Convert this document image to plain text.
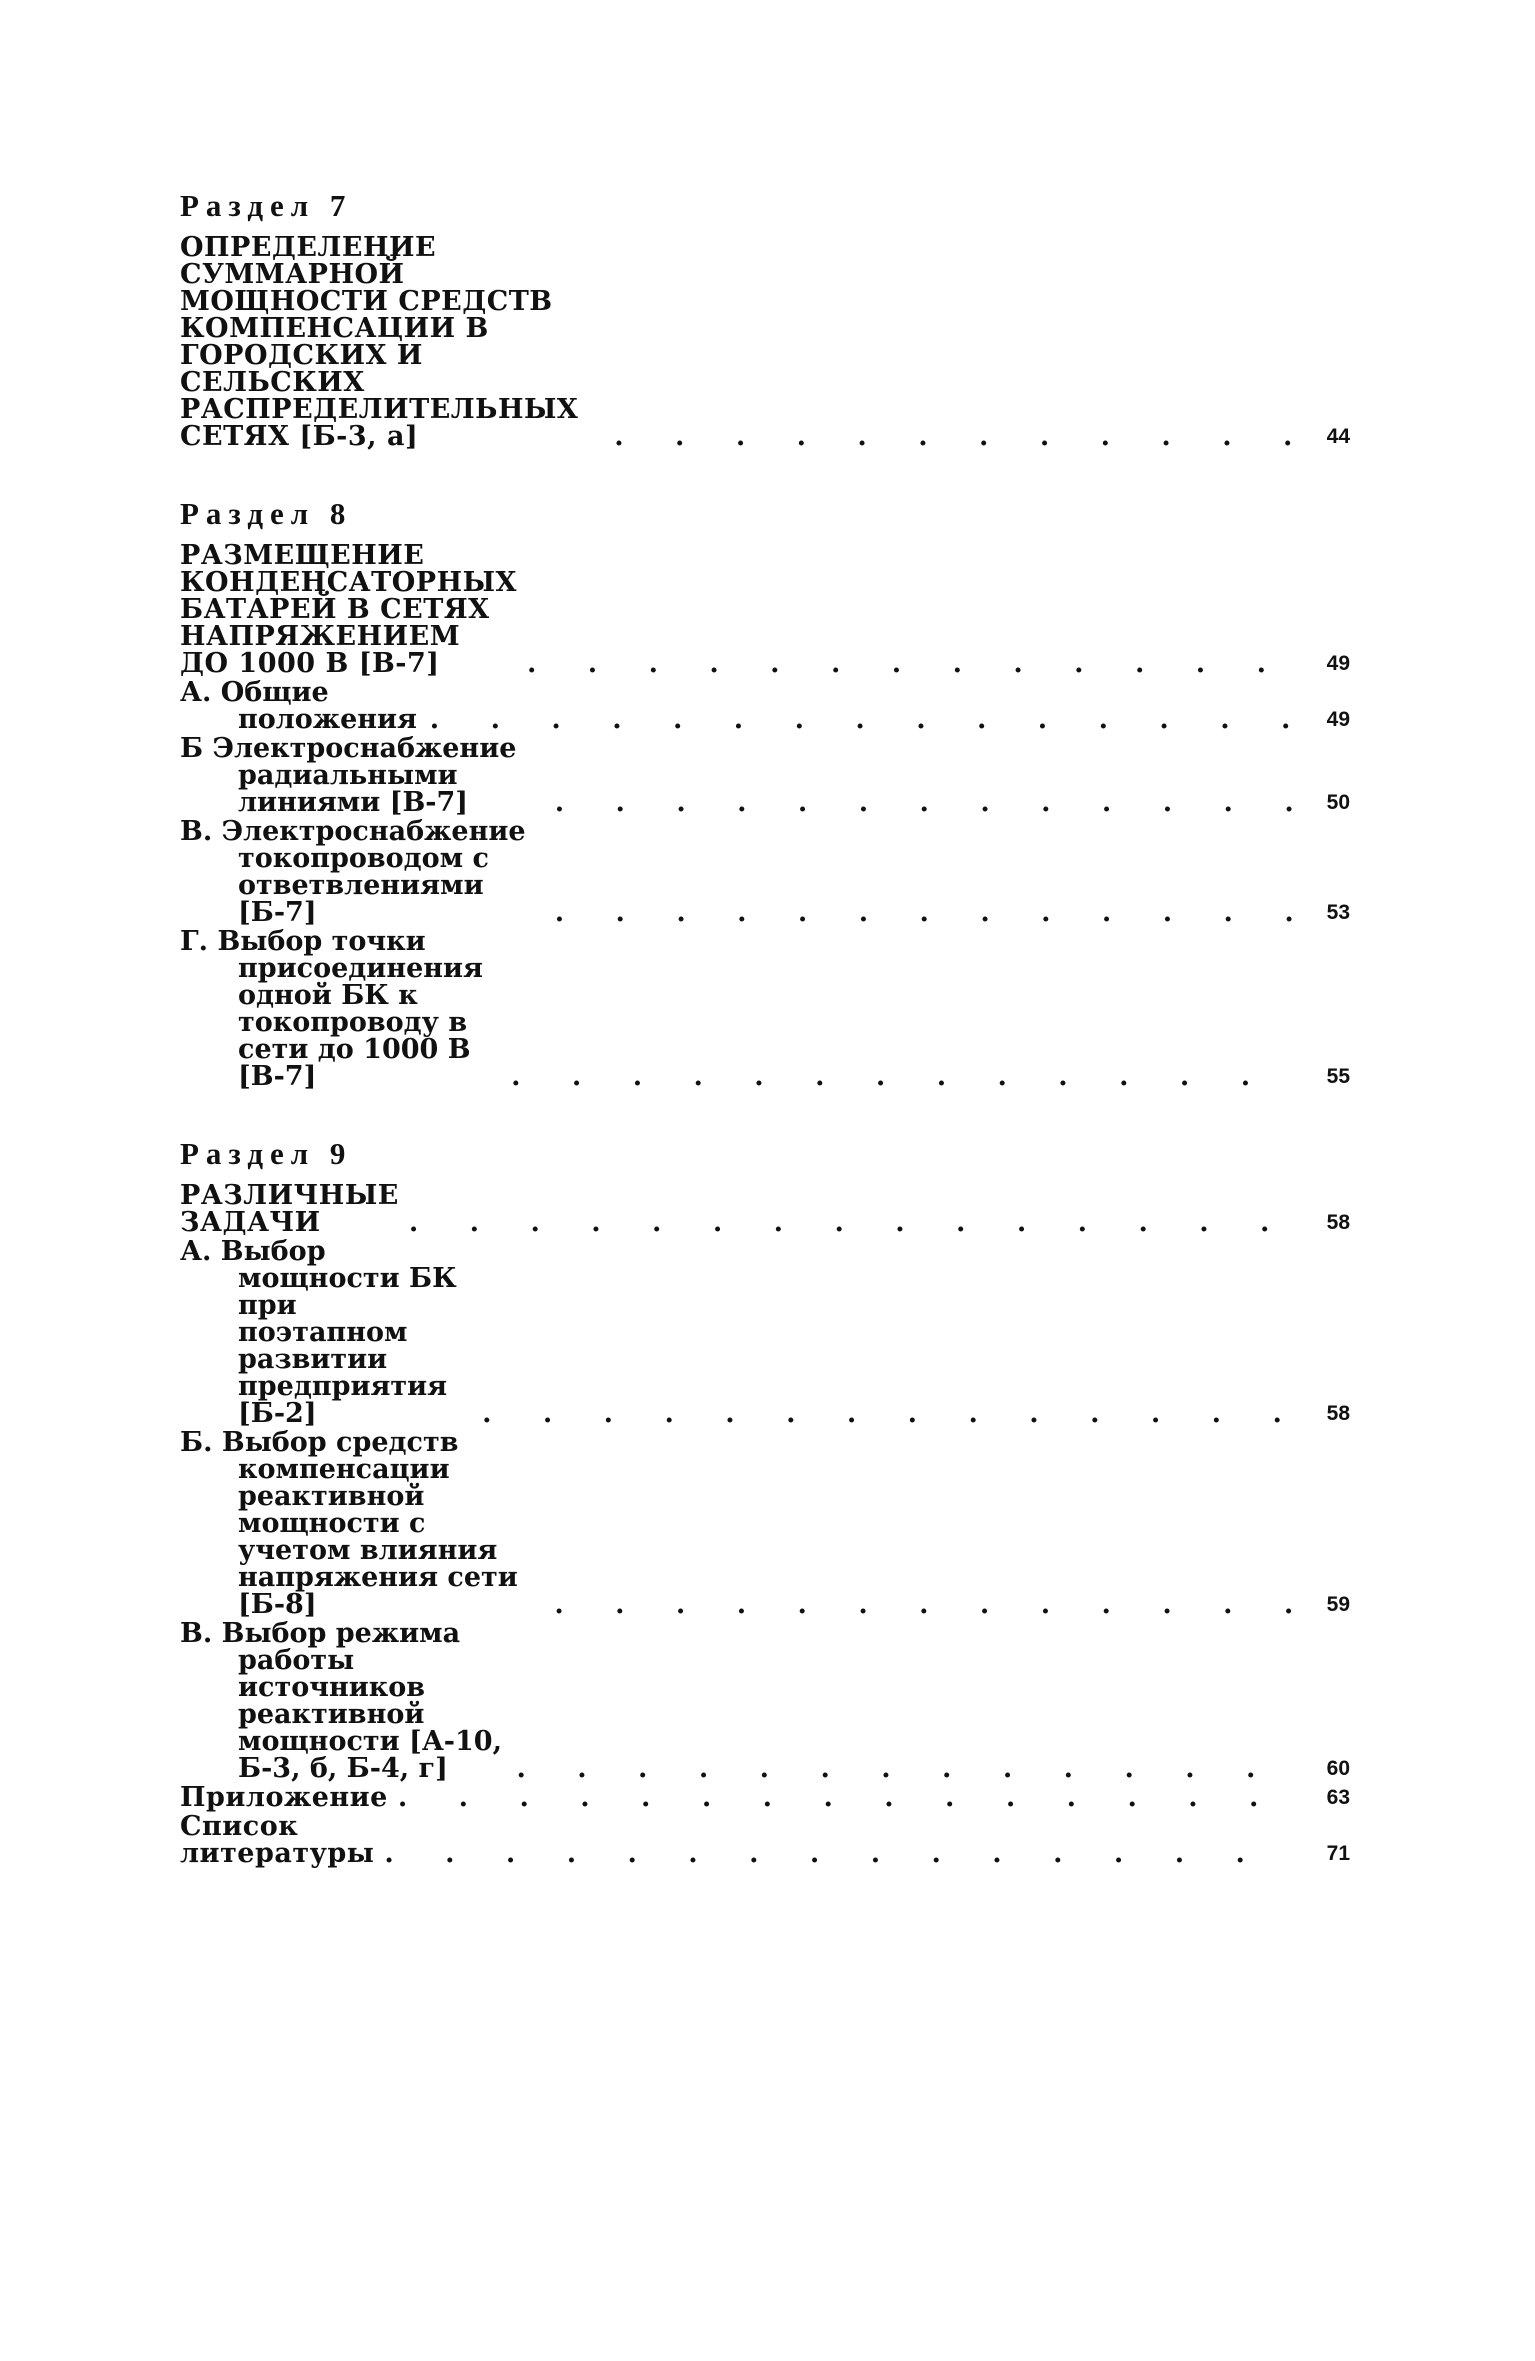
Раздел 7
ОПРЕДЕЛЕНИЕ СУММАРНОЙ МОЩНОСТИ СРЕДСТВ КОМПЕНСАЦИИ В ГОРОДСКИХ И СЕЛЬСКИХ РАСПРЕДЕЛИТЕЛЬНЫХ СЕТЯХ [Б-3, а] . . .	44
Раздел 8
РАЗМЕЩЕНИЕ КОНДЕНСАТОРНЫХ БАТАРЕЙ В СЕТЯХ НАПРЯЖЕНИЕМ ДО 1000 В [В-7] . . .	49
А. Общие положения . . .	49
Б Электроснабжение радиальными линиями [В-7] . . .	50
В. Электроснабжение токопроводом с ответвлениями [Б-7] . . .	53
Г. Выбор точки присоединения одной БК к токопроводу в сети до 1000 В [В-7] . . .	55
Раздел 9
РАЗЛИЧНЫЕ ЗАДАЧИ . . .	58
А. Выбор мощности БК при поэтапном развитии предприятия [Б-2] . . .	58
Б. Выбор средств компенсации реактивной мощности с учетом влияния напряжения сети [Б-8] . . .	59
В. Выбор режима работы источников реактивной мощности [А-10, Б-3, б, Б-4, г] . . .	60
Приложение . . .	63
Список литературы . . .	71
